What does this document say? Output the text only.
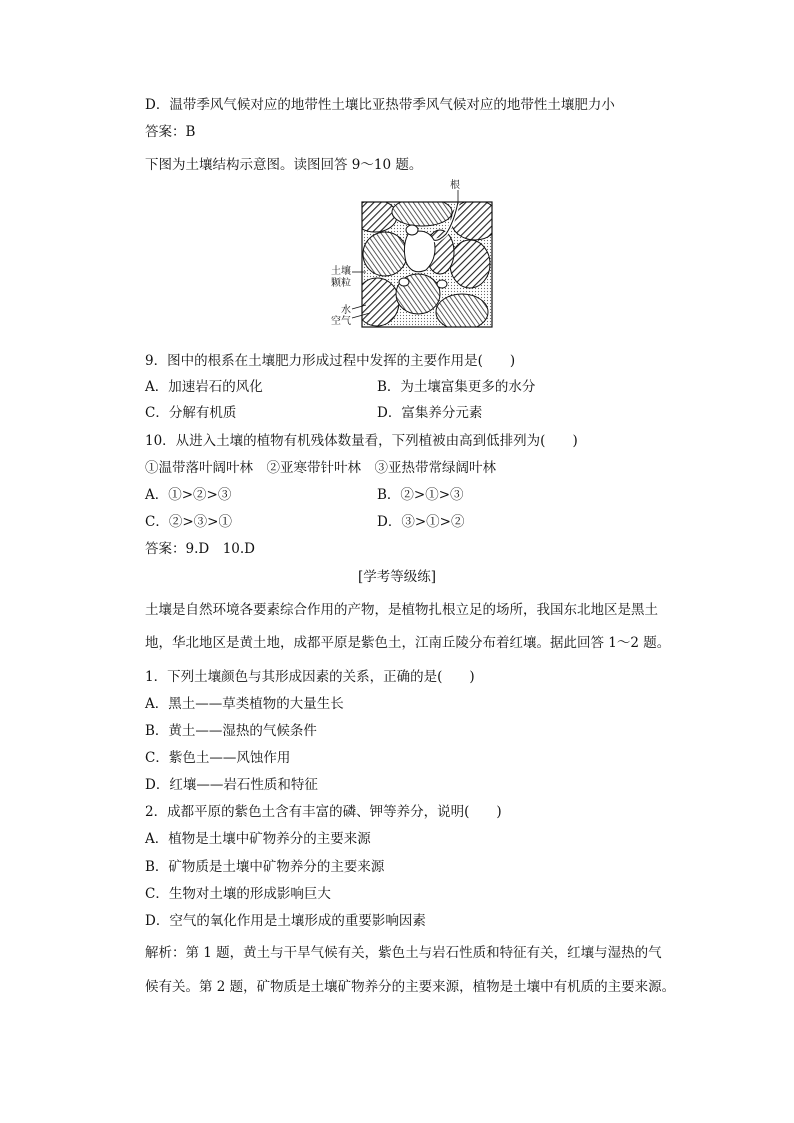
D．温带季风气候对应的地带性土壤比亚热带季风气候对应的地带性土壤肥力小
答案：B
下图为土壤结构示意图。读图回答 9～10 题。
根
土壤
颗粒
水
空气
9．图中的根系在土壤肥力形成过程中发挥的主要作用是(　　)
A．加速岩石的风化	B．为土壤富集更多的水分
C．分解有机质	D．富集养分元素
10．从进入土壤的植物有机残体数量看，下列植被由高到低排列为(　　)
①温带落叶阔叶林　②亚寒带针叶林　③亚热带常绿阔叶林
A．①>②>③	B．②>①>③
C．②>③>①	D．③>①>②
答案：9.D　10.D
[学考等级练]
土壤是自然环境各要素综合作用的产物，是植物扎根立足的场所，我国东北地区是黑土
地，华北地区是黄土地，成都平原是紫色土，江南丘陵分布着红壤。据此回答 1～2 题。
1．下列土壤颜色与其形成因素的关系，正确的是(　　)
A．黑土——草类植物的大量生长
B．黄土——湿热的气候条件
C．紫色土——风蚀作用
D．红壤——岩石性质和特征
2．成都平原的紫色土含有丰富的磷、钾等养分，说明(　　)
A．植物是土壤中矿物养分的主要来源
B．矿物质是土壤中矿物养分的主要来源
C．生物对土壤的形成影响巨大
D．空气的氧化作用是土壤形成的重要影响因素
解析：第 1 题，黄土与干旱气候有关，紫色土与岩石性质和特征有关，红壤与湿热的气
候有关。第 2 题，矿物质是土壤矿物养分的主要来源，植物是土壤中有机质的主要来源。
